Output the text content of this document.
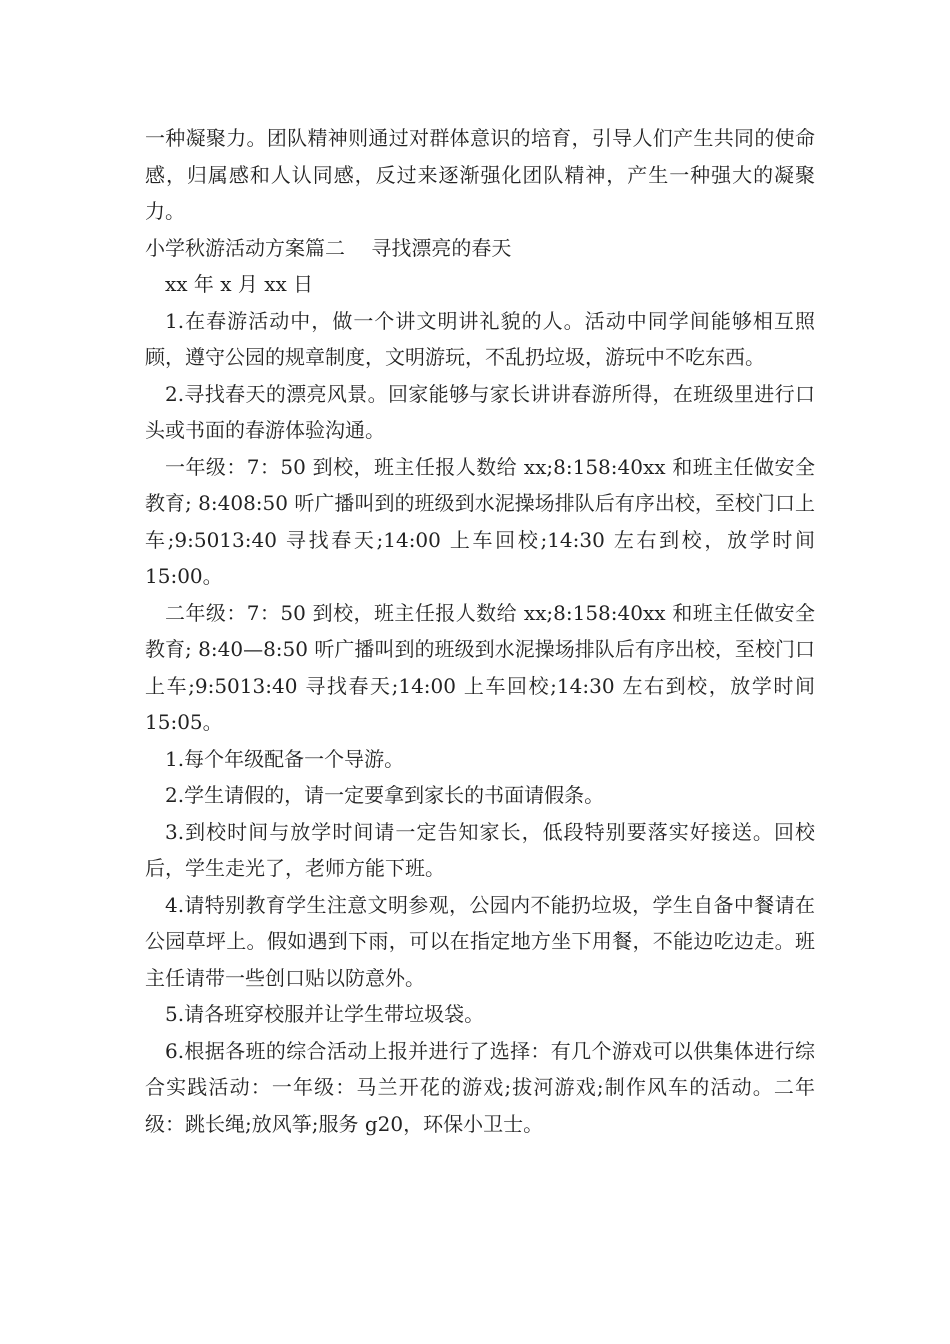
一种凝聚力。团队精神则通过对群体意识的培育，引导人们产生共同的使命感，归属感和人认同感，反过来逐渐强化团队精神，产生一种强大的凝聚力。

小学秋游活动方案篇二　 寻找漂亮的春天

xx 年 x 月 xx 日

1.在春游活动中，做一个讲文明讲礼貌的人。活动中同学间能够相互照顾，遵守公园的规章制度，文明游玩，不乱扔垃圾，游玩中不吃东西。

2.寻找春天的漂亮风景。回家能够与家长讲讲春游所得，在班级里进行口头或书面的春游体验沟通。

一年级：7：50 到校，班主任报人数给 xx;8:158:40xx 和班主任做安全教育; 8:408:50 听广播叫到的班级到水泥操场排队后有序出校，至校门口上车;9:5013:40 寻找春天;14:00 上车回校;14:30 左右到校，放学时间 15:00。

二年级：7：50 到校，班主任报人数给 xx;8:158:40xx 和班主任做安全教育; 8:40—8:50 听广播叫到的班级到水泥操场排队后有序出校，至校门口上车;9:5013:40 寻找春天;14:00 上车回校;14:30 左右到校，放学时间 15:05。

1.每个年级配备一个导游。

2.学生请假的，请一定要拿到家长的书面请假条。

3.到校时间与放学时间请一定告知家长，低段特别要落实好接送。回校后，学生走光了，老师方能下班。

4.请特别教育学生注意文明参观，公园内不能扔垃圾，学生自备中餐请在公园草坪上。假如遇到下雨，可以在指定地方坐下用餐，不能边吃边走。班主任请带一些创口贴以防意外。

5.请各班穿校服并让学生带垃圾袋。

6.根据各班的综合活动上报并进行了选择：有几个游戏可以供集体进行综合实践活动：一年级：马兰开花的游戏;拔河游戏;制作风车的活动。二年级：跳长绳;放风筝;服务 g20，环保小卫士。
